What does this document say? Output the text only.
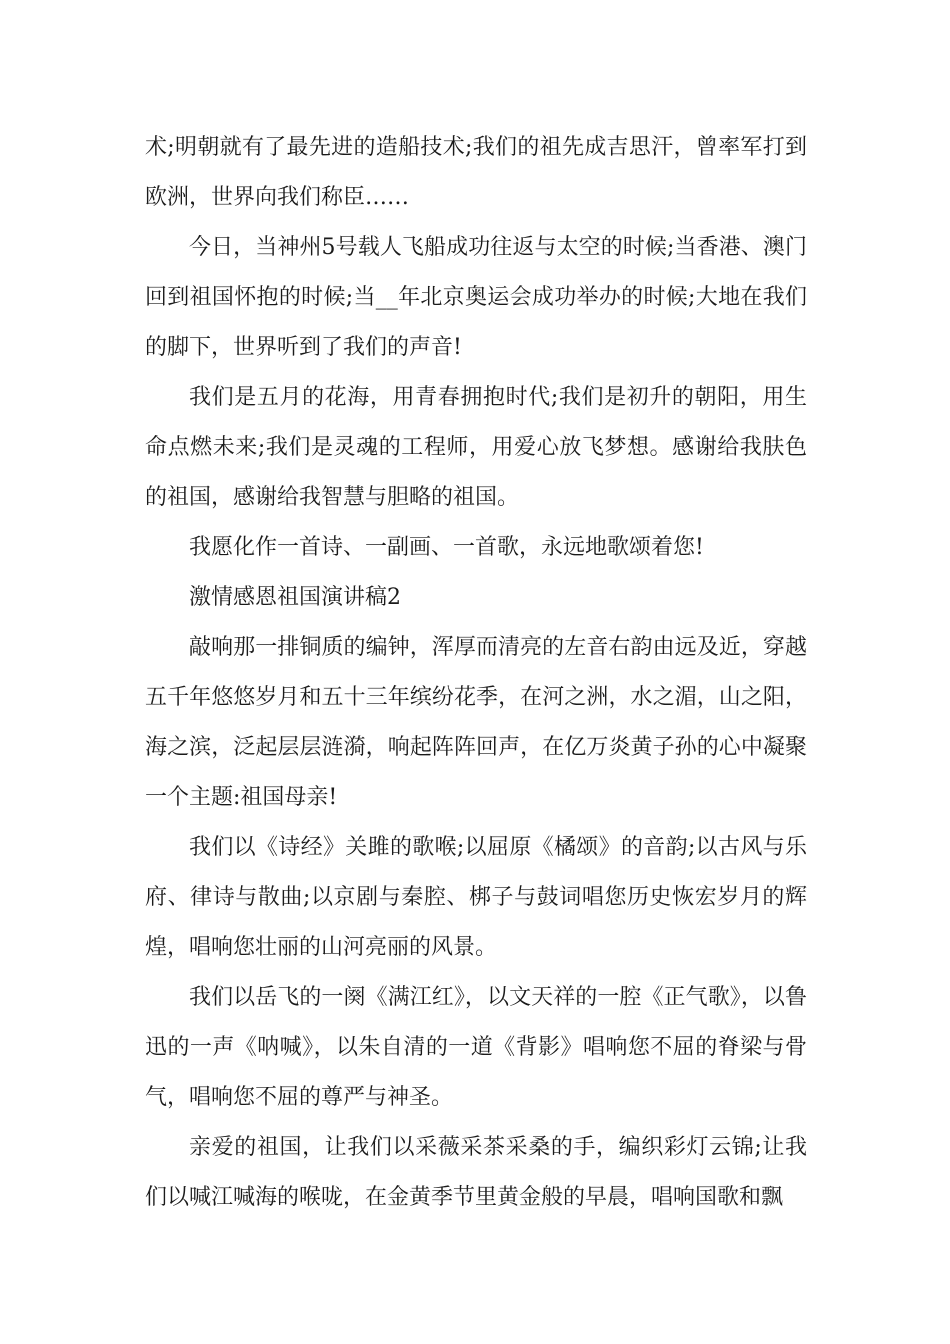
术;明朝就有了最先进的造船技术;我们的祖先成吉思汗，曾率军打到欧洲，世界向我们称臣……

今日，当神州5号载人飞船成功往返与太空的时候;当香港、澳门回到祖国怀抱的时候;当__年北京奥运会成功举办的时候;大地在我们的脚下，世界听到了我们的声音!

我们是五月的花海，用青春拥抱时代;我们是初升的朝阳，用生命点燃未来;我们是灵魂的工程师，用爱心放飞梦想。感谢给我肤色的祖国，感谢给我智慧与胆略的祖国。

我愿化作一首诗、一副画、一首歌，永远地歌颂着您!

激情感恩祖国演讲稿2

敲响那一排铜质的编钟，浑厚而清亮的左音右韵由远及近，穿越五千年悠悠岁月和五十三年缤纷花季，在河之洲，水之湄，山之阳，海之滨，泛起层层涟漪，响起阵阵回声，在亿万炎黄子孙的心中凝聚一个主题:祖国母亲!

我们以《诗经》关雎的歌喉;以屈原《橘颂》的音韵;以古风与乐府、律诗与散曲;以京剧与秦腔、梆子与鼓词唱您历史恢宏岁月的辉煌，唱响您壮丽的山河亮丽的风景。

我们以岳飞的一阕《满江红》，以文天祥的一腔《正气歌》，以鲁迅的一声《呐喊》，以朱自清的一道《背影》唱响您不屈的脊梁与骨气，唱响您不屈的尊严与神圣。

亲爱的祖国，让我们以采薇采茶采桑的手，编织彩灯云锦;让我们以喊江喊海的喉咙，在金黄季节里黄金般的早晨，唱响国歌和飘
